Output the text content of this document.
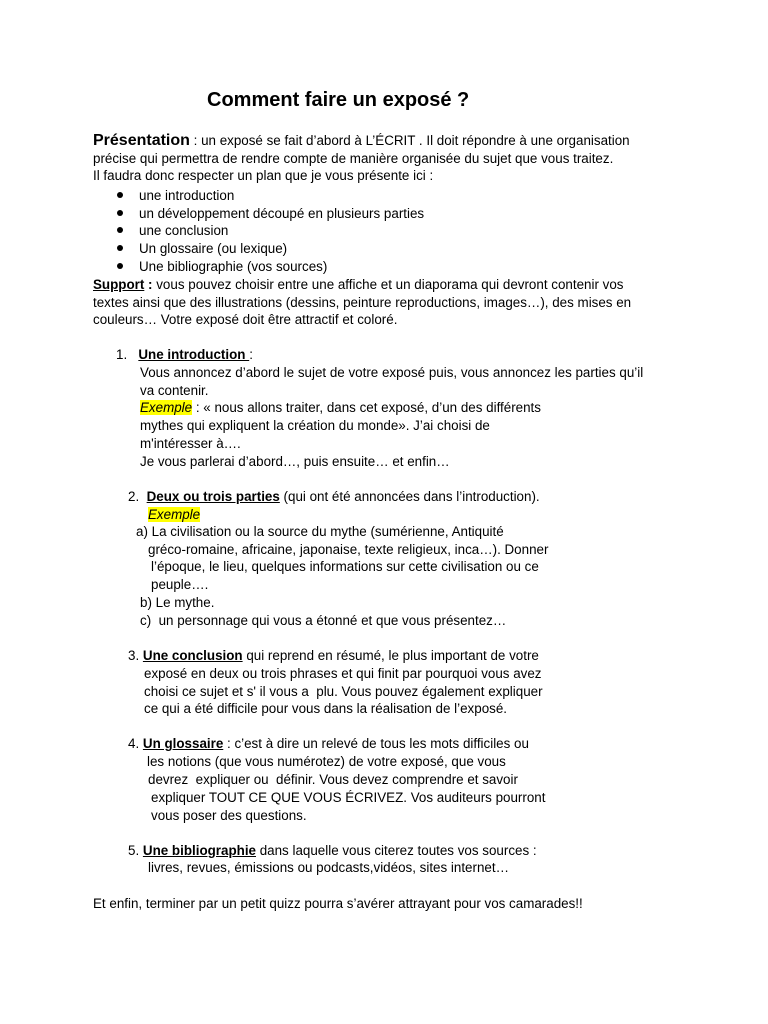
Comment faire un exposé ?
Présentation : un exposé se fait d’abord à L’ÉCRIT . Il doit répondre à une organisation
précise qui permettra de rendre compte de manière organisée du sujet que vous traitez.
Il faudra donc respecter un plan que je vous présente ici :
une introduction
un développement découpé en plusieurs parties
une conclusion
Un glossaire (ou lexique)
Une bibliographie (vos sources)
Support : vous pouvez choisir entre une affiche et un diaporama qui devront contenir vos
textes ainsi que des illustrations (dessins, peinture reproductions, images…), des mises en
couleurs… Votre exposé doit être attractif et coloré.
1. Une introduction :
Vous annoncez d’abord le sujet de votre exposé puis, vous annoncez les parties qu’il
va contenir.
Exemple : « nous allons traiter, dans cet exposé, d’un des différents
mythes qui expliquent la création du monde». J’ai choisi de
m'intéresser à….
Je vous parlerai d’abord…, puis ensuite… et enfin…
2. Deux ou trois parties (qui ont été annoncées dans l’introduction).
Exemple
a) La civilisation ou la source du mythe (sumérienne, Antiquité
gréco-romaine, africaine, japonaise, texte religieux, inca…). Donner
l’époque, le lieu, quelques informations sur cette civilisation ou ce
peuple….
b) Le mythe.
c)  un personnage qui vous a étonné et que vous présentez…
3. Une conclusion qui reprend en résumé, le plus important de votre
exposé en deux ou trois phrases et qui finit par pourquoi vous avez
choisi ce sujet et s' il vous a  plu. Vous pouvez également expliquer
ce qui a été difficile pour vous dans la réalisation de l’exposé.
4. Un glossaire : c’est à dire un relevé de tous les mots difficiles ou
les notions (que vous numérotez) de votre exposé, que vous
devrez  expliquer ou  définir. Vous devez comprendre et savoir
expliquer TOUT CE QUE VOUS ÉCRIVEZ. Vos auditeurs pourront
vous poser des questions.
5. Une bibliographie dans laquelle vous citerez toutes vos sources :
livres, revues, émissions ou podcasts,vidéos, sites internet…
Et enfin, terminer par un petit quizz pourra s’avérer attrayant pour vos camarades!!
